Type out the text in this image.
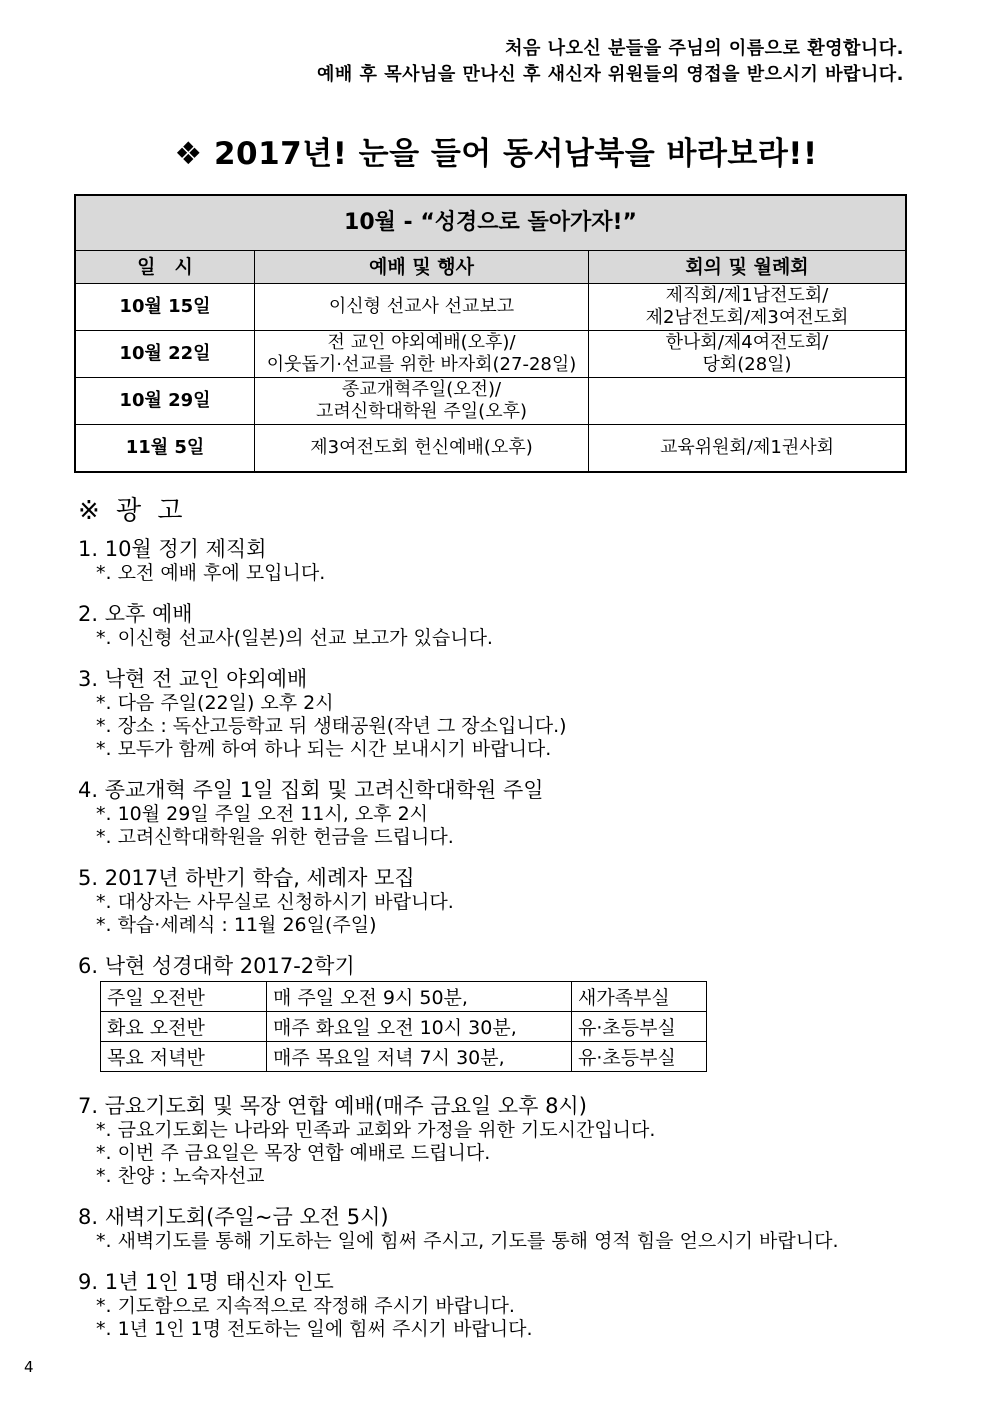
처음 나오신 분들을 주님의 이름으로 환영합니다.
예배 후 목사님을 만나신 후 새신자 위원들의 영접을 받으시기 바랍니다.
❖ 2017년! 눈을 들어 동서남북을 바라보라!!
10월 - “성경으로 돌아가자!”		
일　시	예배 및 행사	회의 및 월례회
10월 15일	이신형 선교사 선교보고	제직회/제1남전도회/
제2남전도회/제3여전도회
10월 22일	전 교인 야외예배(오후)/
이웃돕기·선교를 위한 바자회(27-28일)	한나회/제4여전도회/
당회(28일)
10월 29일	종교개혁주일(오전)/
고려신학대학원 주일(오후)	
11월 5일	제3여전도회 헌신예배(오후)	교육위원회/제1권사회
※ 광 고
1. 10월 정기 제직회
*. 오전 예배 후에 모입니다.
2. 오후 예배
*. 이신형 선교사(일본)의 선교 보고가 있습니다.
3. 낙현 전 교인 야외예배
*. 다음 주일(22일) 오후 2시
*. 장소 : 독산고등학교 뒤 생태공원(작년 그 장소입니다.)
*. 모두가 함께 하여 하나 되는 시간 보내시기 바랍니다.
4. 종교개혁 주일 1일 집회 및 고려신학대학원 주일
*. 10월 29일 주일 오전 11시, 오후 2시
*. 고려신학대학원을 위한 헌금을 드립니다.
5. 2017년 하반기 학습, 세례자 모집
*. 대상자는 사무실로 신청하시기 바랍니다.
*. 학습·세례식 : 11월 26일(주일)
6. 낙현 성경대학 2017-2학기
주일 오전반	매 주일 오전 9시 50분,	새가족부실
화요 오전반	매주 화요일 오전 10시 30분,	유·초등부실
목요 저녁반	매주 목요일 저녁 7시 30분,	유·초등부실
7. 금요기도회 및 목장 연합 예배(매주 금요일 오후 8시)
*. 금요기도회는 나라와 민족과 교회와 가정을 위한 기도시간입니다.
*. 이번 주 금요일은 목장 연합 예배로 드립니다.
*. 찬양 : 노숙자선교
8. 새벽기도회(주일~금 오전 5시)
*. 새벽기도를 통해 기도하는 일에 힘써 주시고, 기도를 통해 영적 힘을 얻으시기 바랍니다.
9. 1년 1인 1명 태신자 인도
*. 기도함으로 지속적으로 작정해 주시기 바랍니다.
*. 1년 1인 1명 전도하는 일에 힘써 주시기 바랍니다.
4
